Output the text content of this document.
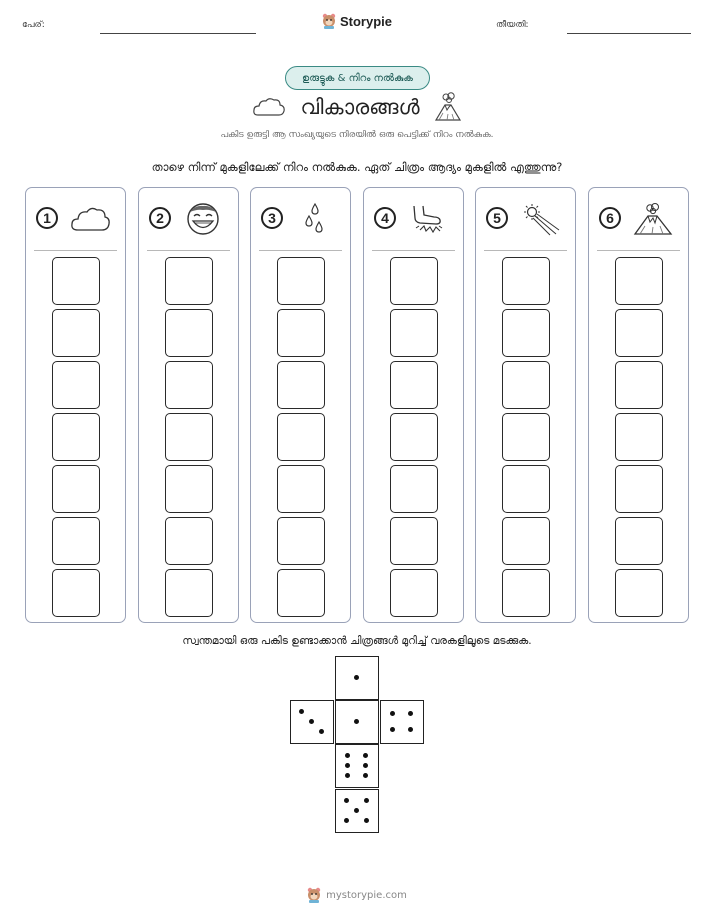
പേര്:	Storypie	തീയതി:
ഉരുട്ടുക & നിറം നൽകുക
വികാരങ്ങൾ
പകിട ഉരുട്ടി ആ സംഖ്യയുടെ നിരയിൽ ഒരു പെട്ടിക്ക് നിറം നൽകുക.
താഴെ നിന്ന് മുകളിലേക്ക് നിറം നൽകുക. ഏത് ചിത്രം ആദ്യം മുകളിൽ എത്തുന്നു?
1	2	3	4	5	6
സ്വന്തമായി ഒരു പകിട ഉണ്ടാക്കാൻ ചിത്രങ്ങൾ മുറിച്ച് വരകളിലൂടെ മടക്കുക.
mystorypie.com
